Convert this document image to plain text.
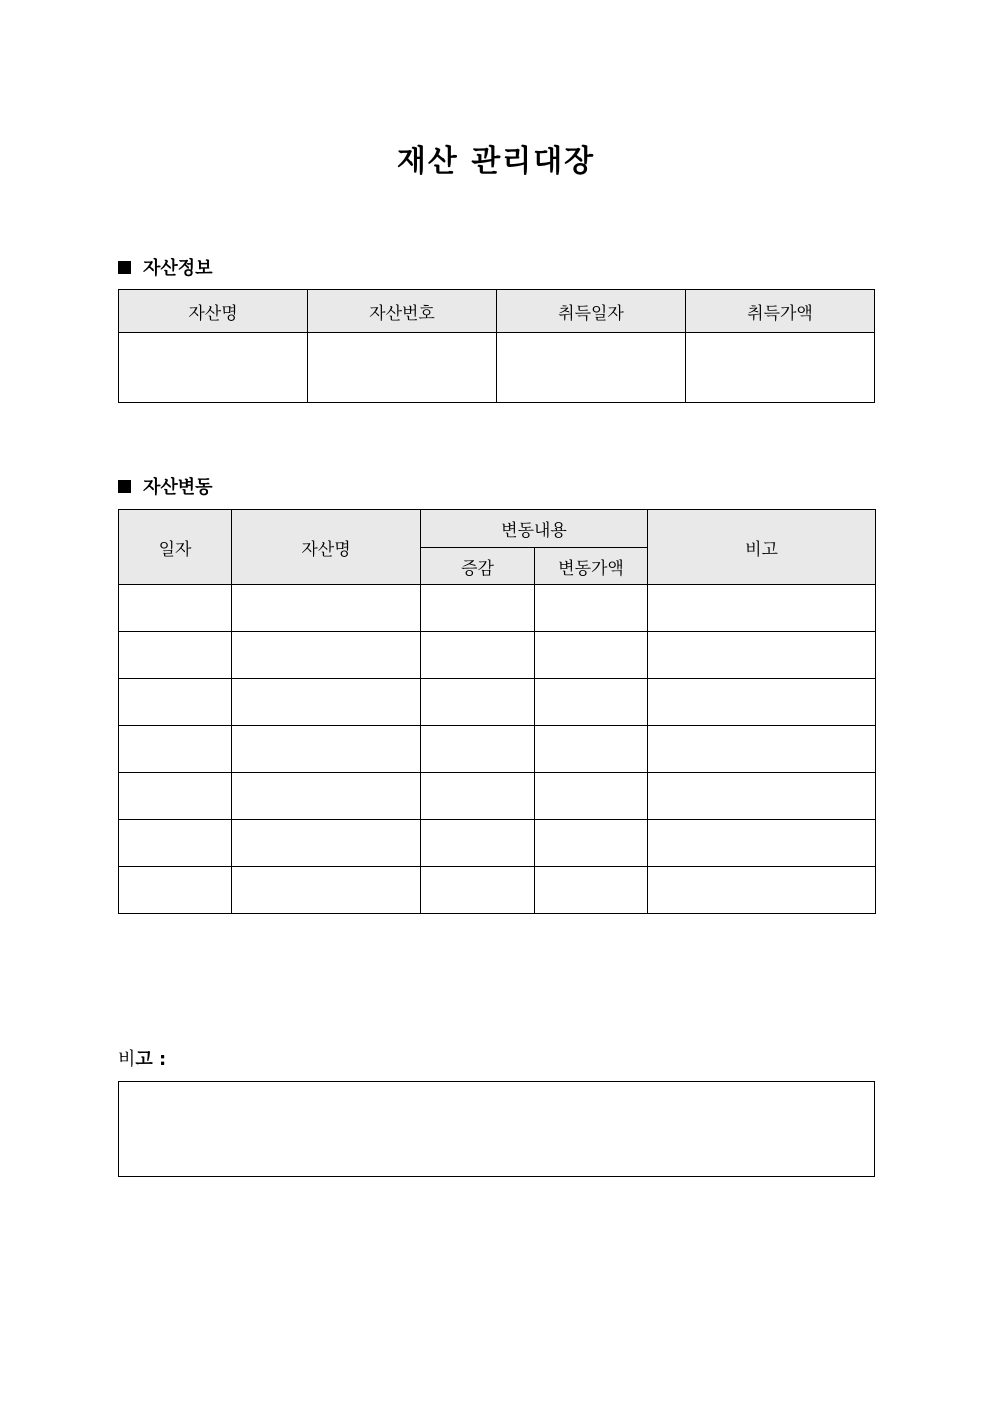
재산 관리대장
자산정보
자산명	자산번호	취득일자	취득가액

자산변동
일자	자산명	변동내용		비고
		증감	변동가액	

비고 :
